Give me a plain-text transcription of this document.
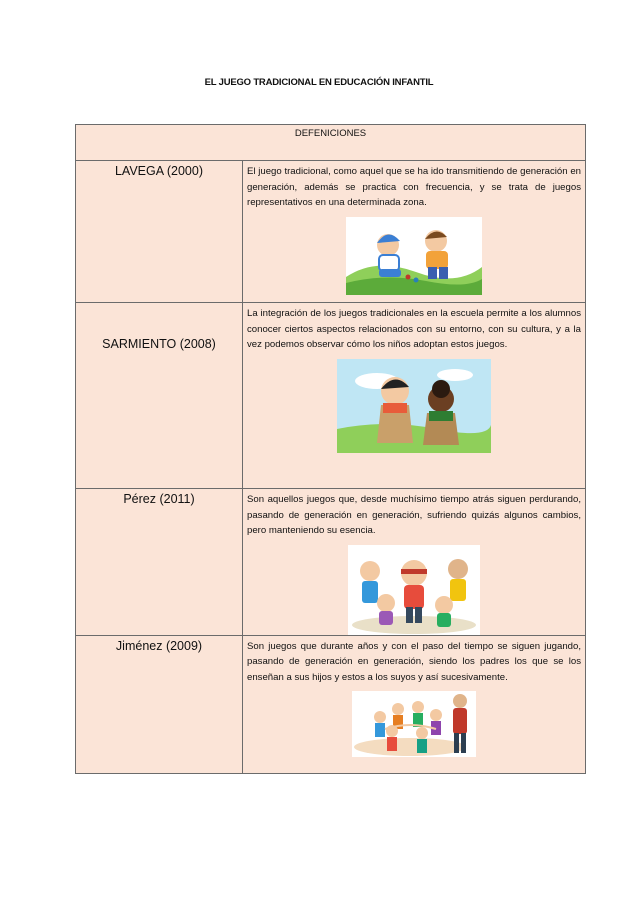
EL JUEGO TRADICIONAL EN EDUCACIÓN INFANTIL
DEFENICIONES	

LAVEGA (2000)	El juego tradicional, como aquel que se ha ido transmitiendo de generación en generación, además se practica con frecuencia, y se trata de juegos representativos en una determinada zona.

SARMIENTO (2008)	La integración de los juegos tradicionales en la escuela permite a los alumnos conocer ciertos aspectos relacionados con su entorno, con su cultura, y a la vez podemos observar cómo los niños adoptan estos juegos.

Pérez (2011)	Son aquellos juegos que, desde muchísimo tiempo atrás siguen perdurando, pasando de generación en generación, sufriendo quizás algunos cambios, pero manteniendo su esencia.

Jiménez (2009)	Son juegos que durante años y con el paso del tiempo se siguen jugando, pasando de generación en generación, siendo los padres los que se los enseñan a sus hijos y estos a los suyos y así sucesivamente.
